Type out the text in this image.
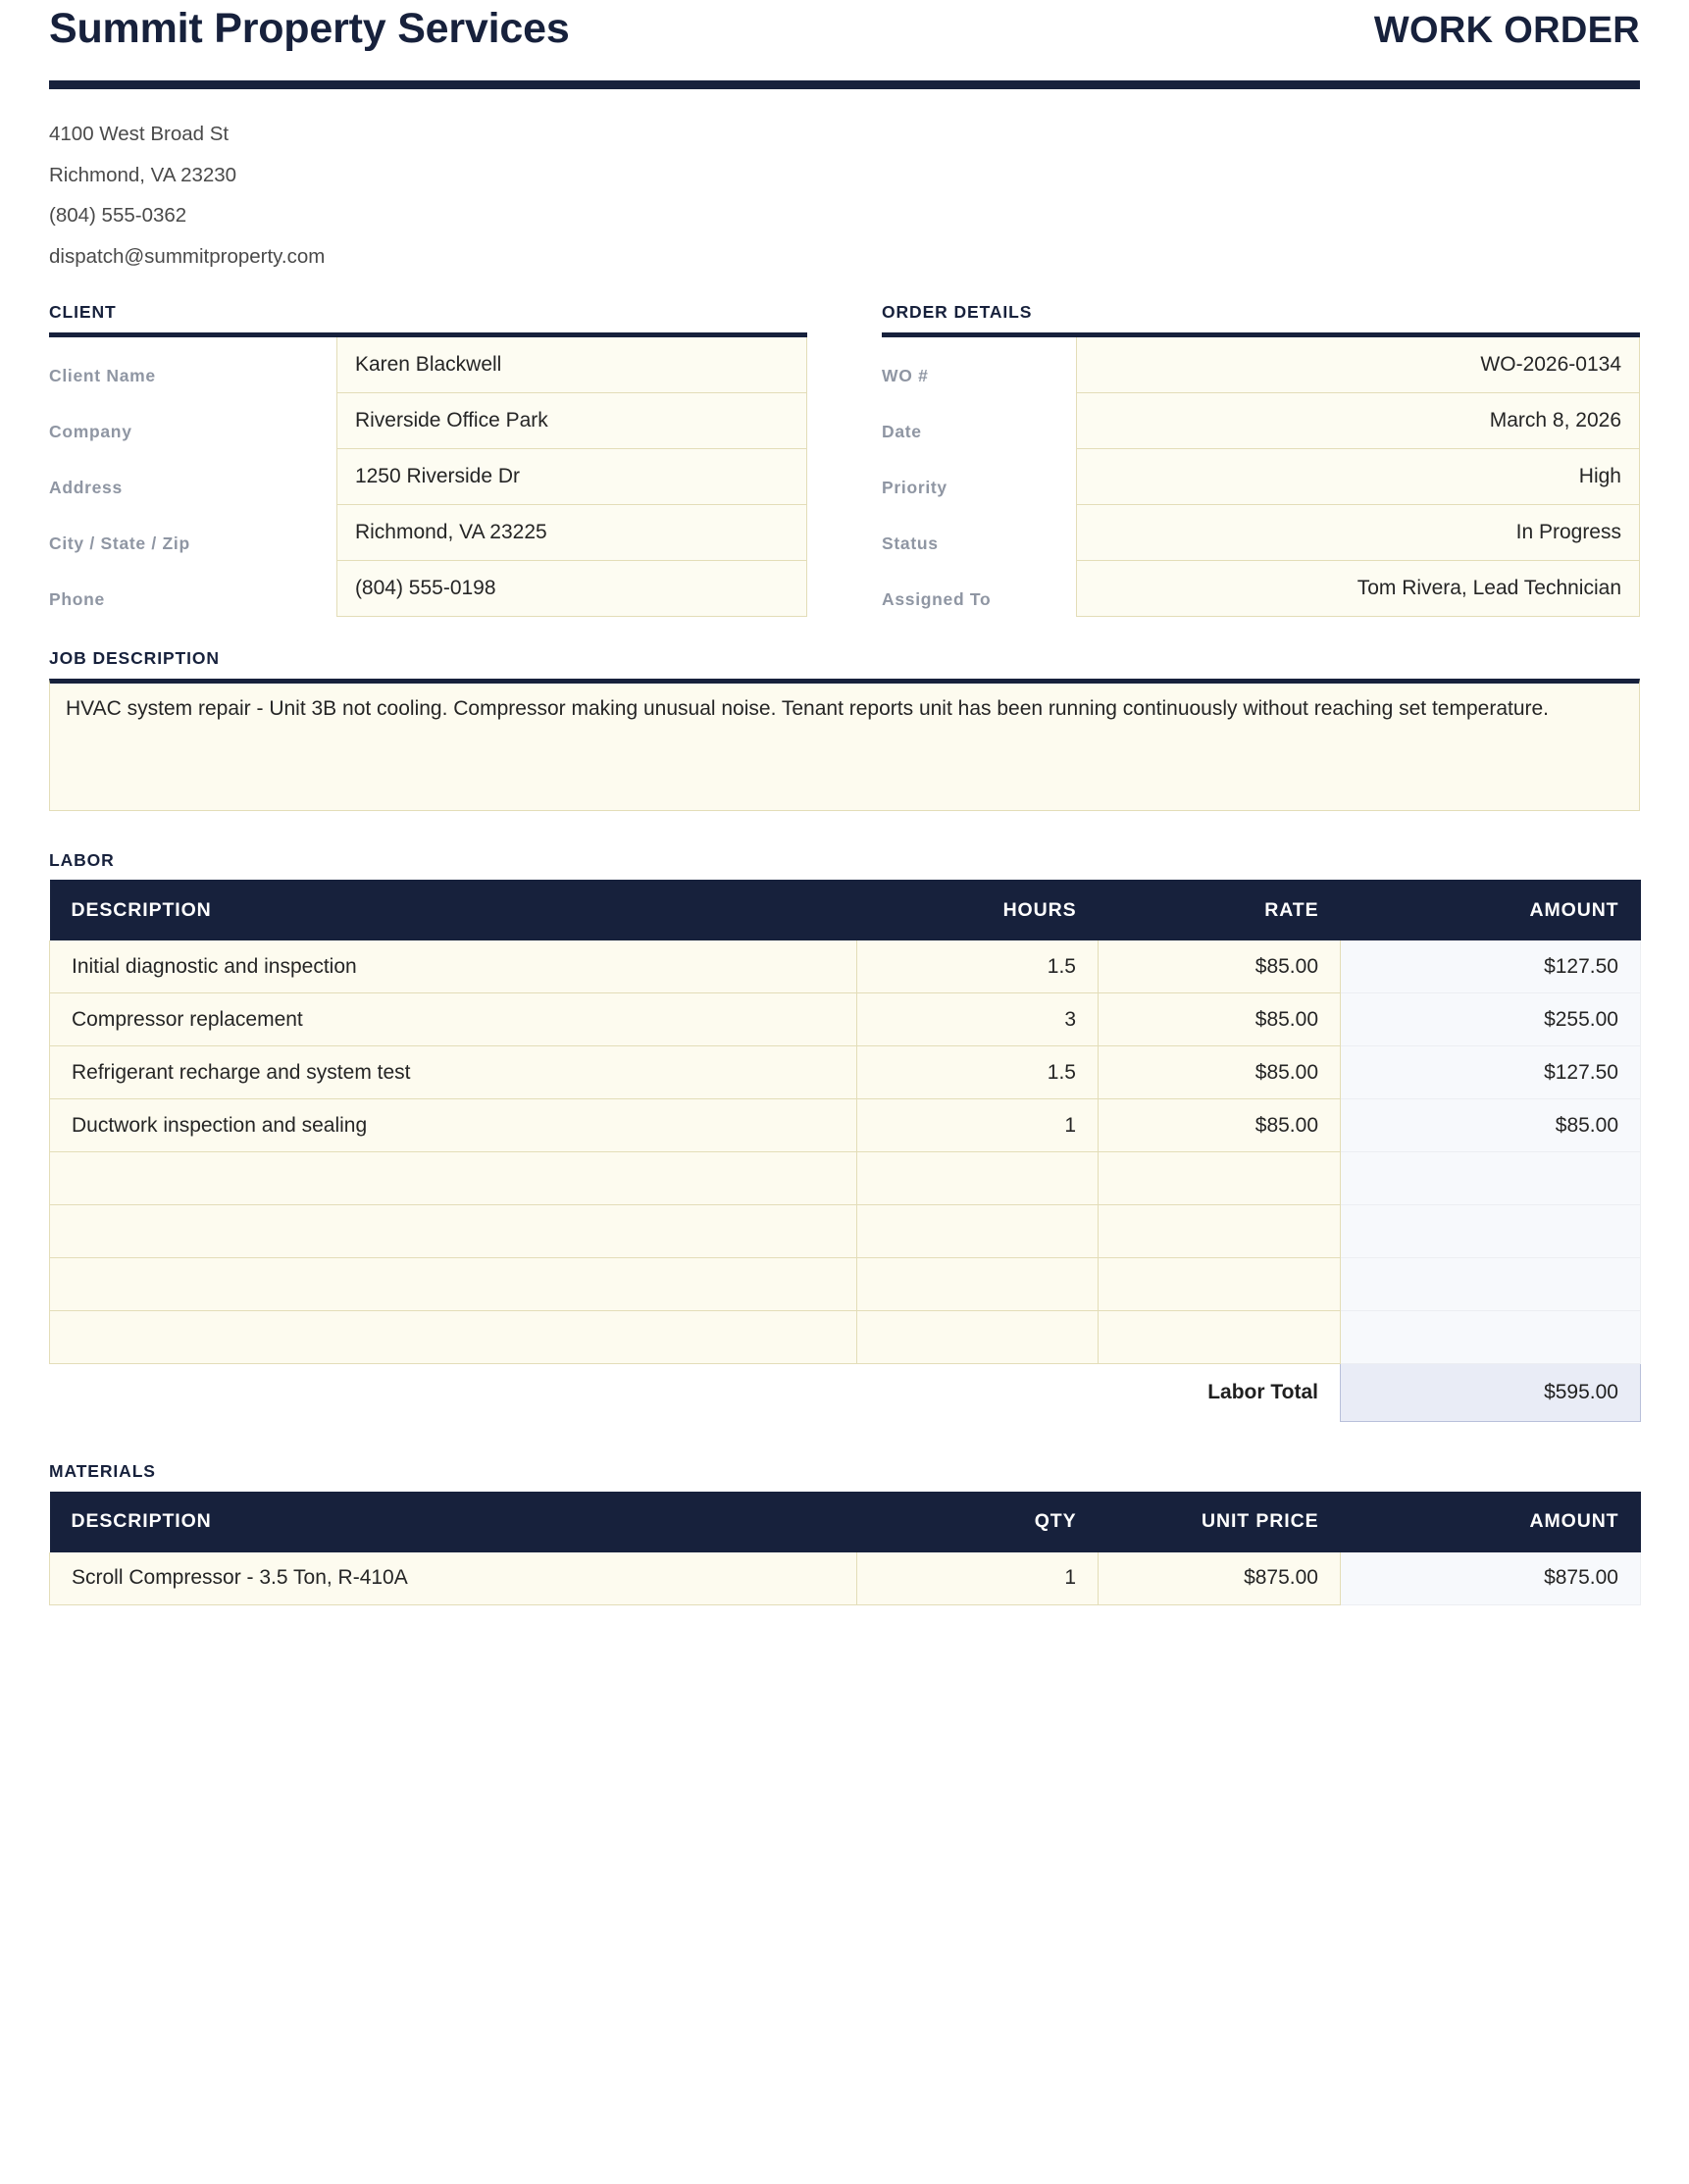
Summit Property Services	WORK ORDER
4100 West Broad St
Richmond, VA 23230
(804) 555-0362
dispatch@summitproperty.com
CLIENT
Client Name	Karen Blackwell
Company	Riverside Office Park
Address	1250 Riverside Dr
City / State / Zip	Richmond, VA 23225
Phone	(804) 555-0198
ORDER DETAILS
WO #	WO-2026-0134
Date	March 8, 2026
Priority	High
Status	In Progress
Assigned To	Tom Rivera, Lead Technician
JOB DESCRIPTION
HVAC system repair - Unit 3B not cooling. Compressor making unusual noise. Tenant reports unit has been running continuously without reaching set temperature.
LABOR
DESCRIPTION	HOURS	RATE	AMOUNT
Initial diagnostic and inspection	1.5	$85.00	$127.50
Compressor replacement	3	$85.00	$255.00
Refrigerant recharge and system test	1.5	$85.00	$127.50
Ductwork inspection and sealing	1	$85.00	$85.00

Labor Total			$595.00
MATERIALS
DESCRIPTION	QTY	UNIT PRICE	AMOUNT
Scroll Compressor - 3.5 Ton, R-410A	1	$875.00	$875.00
